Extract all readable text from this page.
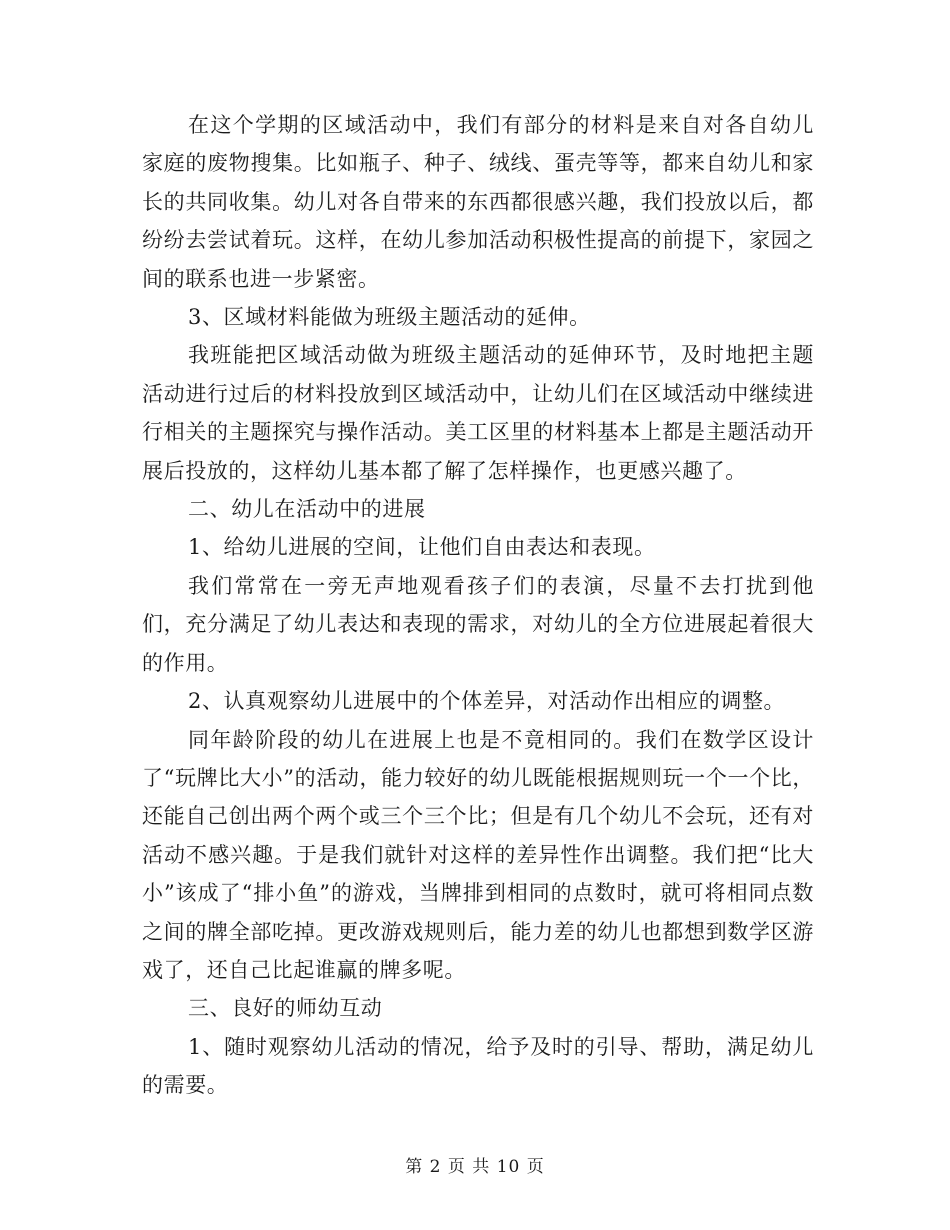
在这个学期的区域活动中，我们有部分的材料是来自对各自幼儿家庭的废物搜集。比如瓶子、种子、绒线、蛋壳等等，都来自幼儿和家长的共同收集。幼儿对各自带来的东西都很感兴趣，我们投放以后，都纷纷去尝试着玩。这样，在幼儿参加活动积极性提高的前提下，家园之间的联系也进一步紧密。

3、区域材料能做为班级主题活动的延伸。

我班能把区域活动做为班级主题活动的延伸环节，及时地把主题活动进行过后的材料投放到区域活动中，让幼儿们在区域活动中继续进行相关的主题探究与操作活动。美工区里的材料基本上都是主题活动开展后投放的，这样幼儿基本都了解了怎样操作，也更感兴趣了。

二、幼儿在活动中的进展

1、给幼儿进展的空间，让他们自由表达和表现。

我们常常在一旁无声地观看孩子们的表演，尽量不去打扰到他们，充分满足了幼儿表达和表现的需求，对幼儿的全方位进展起着很大的作用。

2、认真观察幼儿进展中的个体差异，对活动作出相应的调整。

同年龄阶段的幼儿在进展上也是不竟相同的。我们在数学区设计了“玩牌比大小”的活动，能力较好的幼儿既能根据规则玩一个一个比，还能自己创出两个两个或三个三个比；但是有几个幼儿不会玩，还有对活动不感兴趣。于是我们就针对这样的差异性作出调整。我们把“比大小”该成了“排小鱼”的游戏，当牌排到相同的点数时，就可将相同点数之间的牌全部吃掉。更改游戏规则后，能力差的幼儿也都想到数学区游戏了，还自己比起谁赢的牌多呢。

三、良好的师幼互动

1、随时观察幼儿活动的情况，给予及时的引导、帮助，满足幼儿的需要。

第 2 页 共 10 页
